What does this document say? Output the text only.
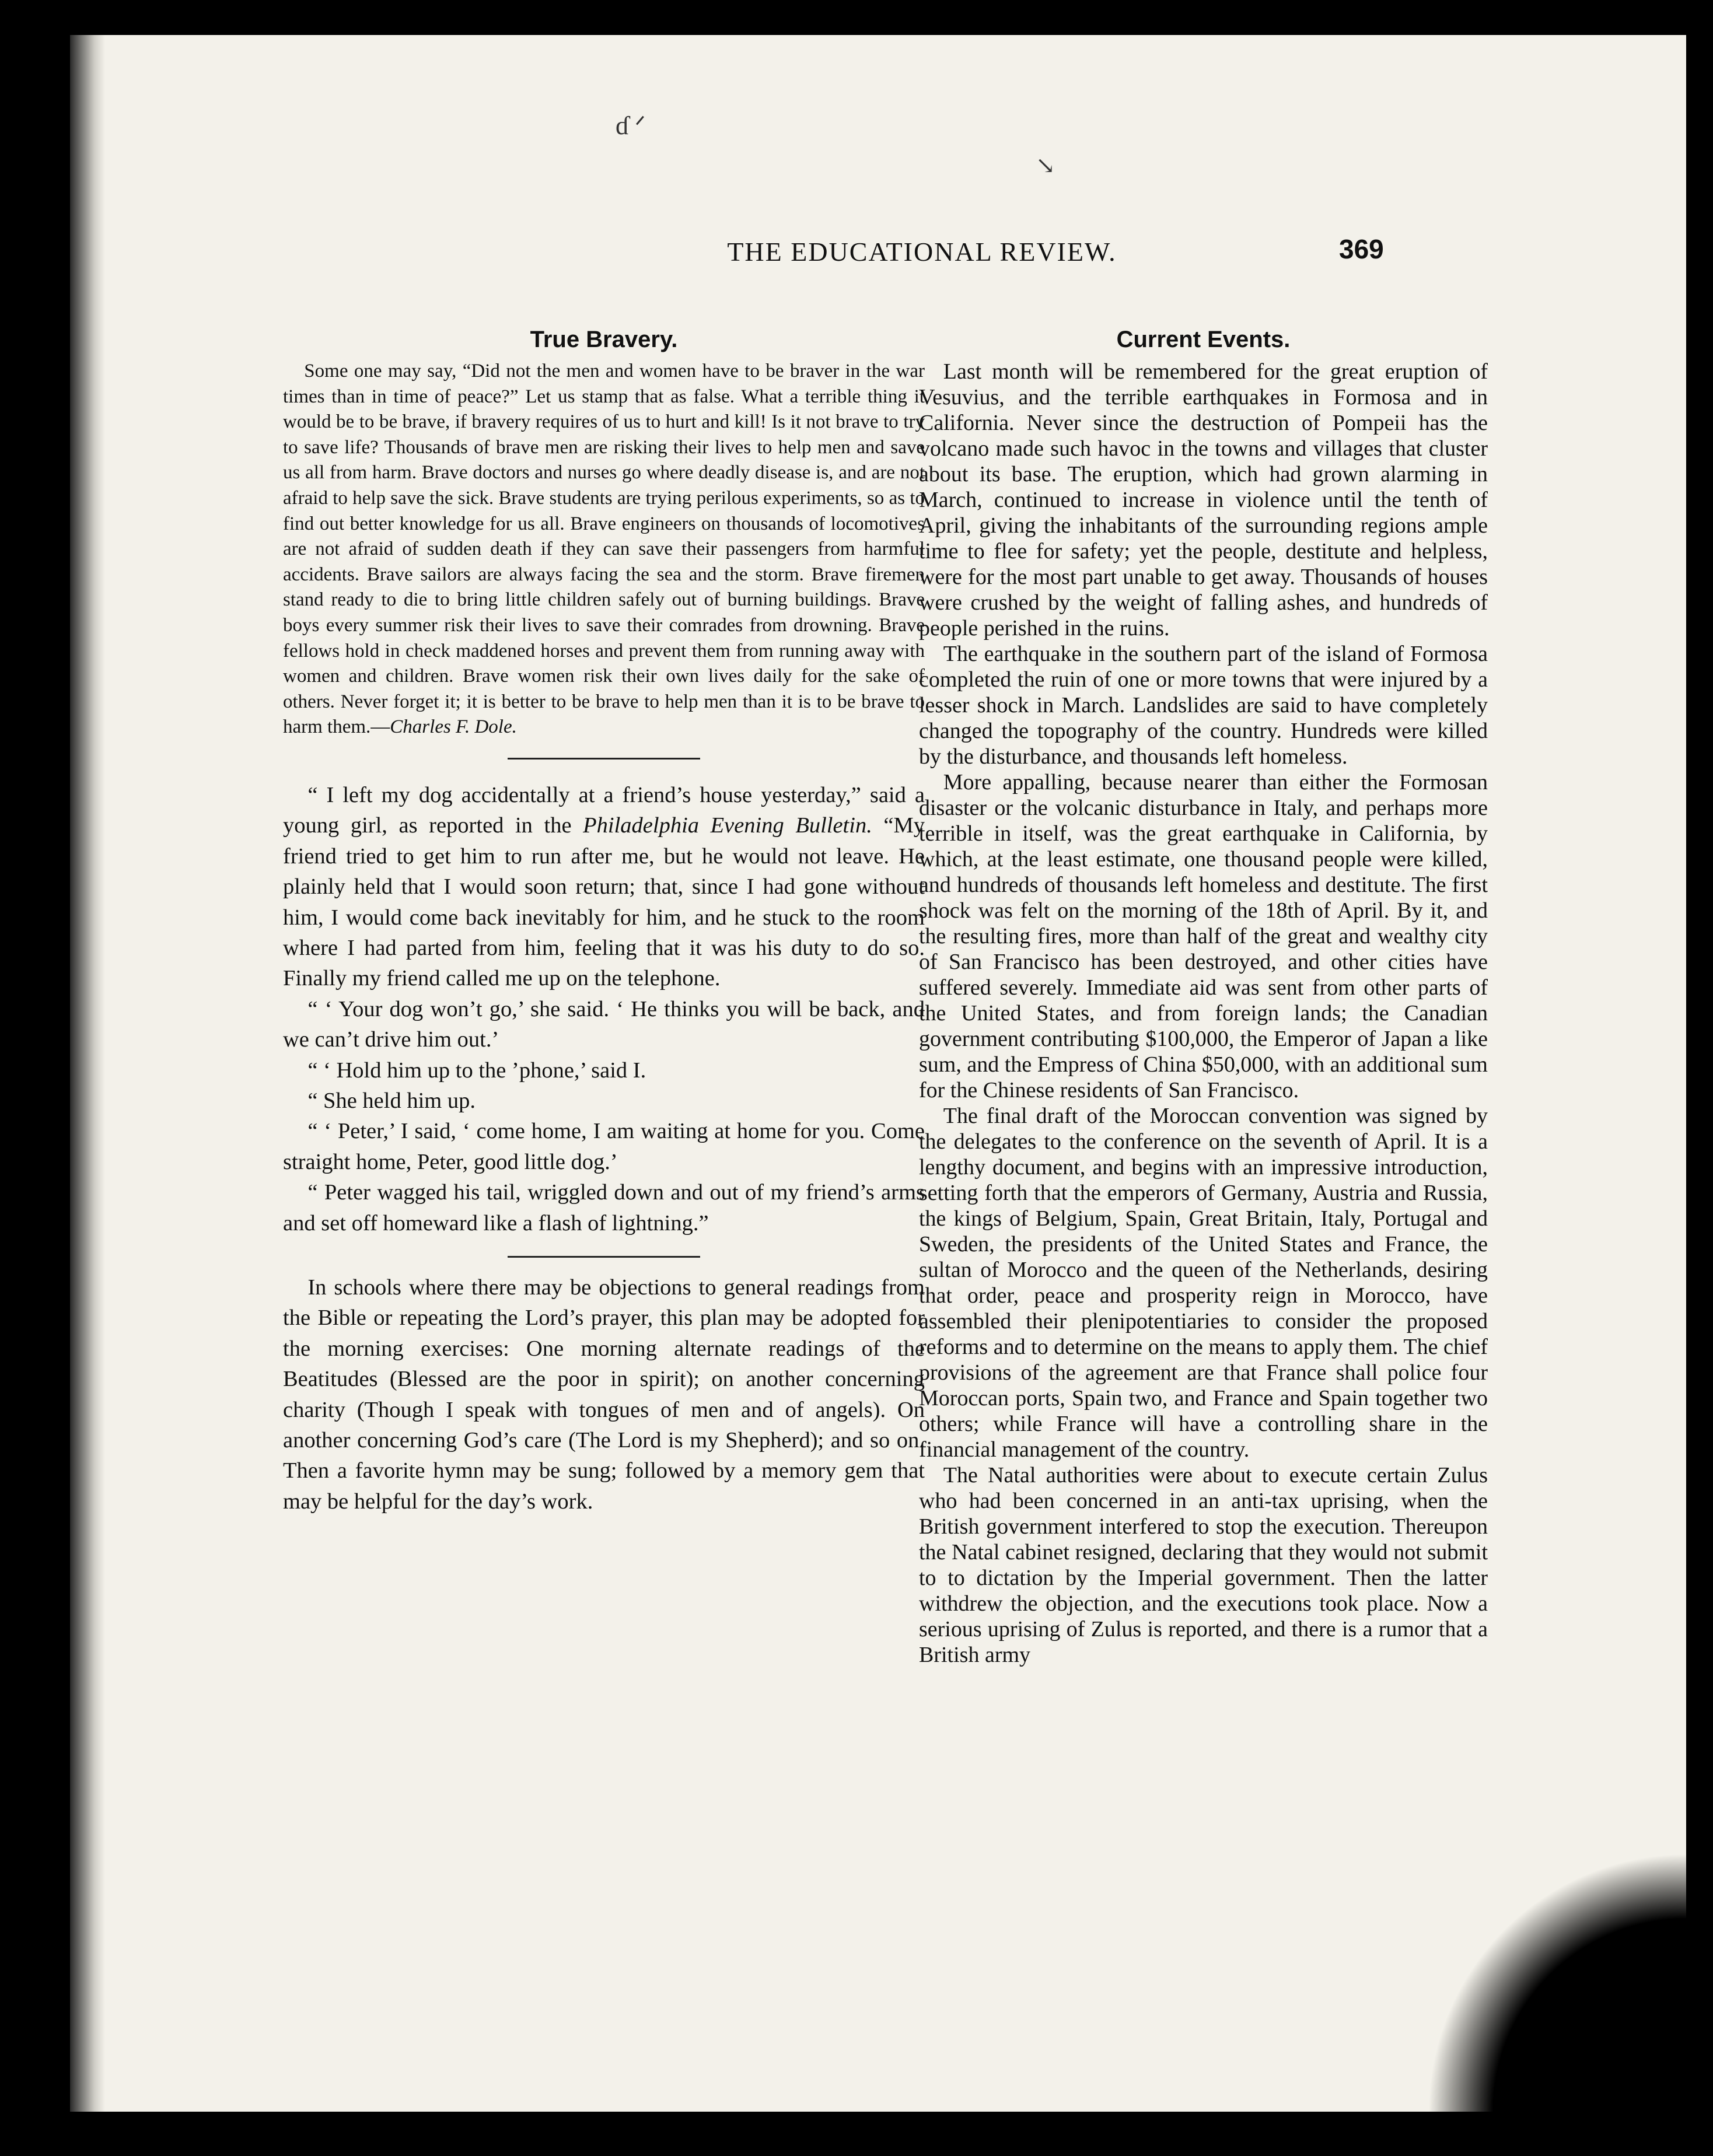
ɗ ᐟ
↘
THE EDUCATIONAL REVIEW.	369
True Bravery.

Some one may say, “Did not the men and women have to be braver in the war times than in time of peace?” Let us stamp that as false. What a terrible thing it would be to be brave, if bravery requires of us to hurt and kill! Is it not brave to try to save life? Thousands of brave men are risking their lives to help men and save us all from harm. Brave doctors and nurses go where deadly disease is, and are not afraid to help save the sick. Brave students are trying perilous experiments, so as to find out better knowledge for us all. Brave engineers on thousands of locomotives are not afraid of sudden death if they can save their passengers from harmful accidents. Brave sailors are always facing the sea and the storm. Brave firemen stand ready to die to bring little children safely out of burning buildings. Brave boys every summer risk their lives to save their comrades from drowning. Brave fellows hold in check maddened horses and prevent them from running away with women and children. Brave women risk their own lives daily for the sake of others. Never forget it; it is better to be brave to help men than it is to be brave to harm them.—Charles F. Dole.

“ I left my dog accidentally at a friend’s house yesterday,” said a young girl, as reported in the Philadelphia Evening Bulletin. “My friend tried to get him to run after me, but he would not leave. He plainly held that I would soon return; that, since I had gone without him, I would come back inevitably for him, and he stuck to the room where I had parted from him, feeling that it was his duty to do so. Finally my friend called me up on the telephone.

“ ‘ Your dog won’t go,’ she said. ‘ He thinks you will be back, and we can’t drive him out.’

“ ‘ Hold him up to the ’phone,’ said I.

“ She held him up.

“ ‘ Peter,’ I said, ‘ come home, I am waiting at home for you. Come straight home, Peter, good little dog.’

“ Peter wagged his tail, wriggled down and out of my friend’s arms and set off homeward like a flash of lightning.”

In schools where there may be objections to general readings from the Bible or repeating the Lord’s prayer, this plan may be adopted for the morning exercises: One morning alternate readings of the Beatitudes (Blessed are the poor in spirit); on another concerning charity (Though I speak with tongues of men and of angels). On another concerning God’s care (The Lord is my Shepherd); and so on. Then a favorite hymn may be sung; followed by a memory gem that may be helpful for the day’s work.

Current Events.

Last month will be remembered for the great eruption of Vesuvius, and the terrible earthquakes in Formosa and in California. Never since the destruction of Pompeii has the volcano made such havoc in the towns and villages that cluster about its base. The eruption, which had grown alarming in March, continued to increase in violence until the tenth of April, giving the inhabitants of the surrounding regions ample time to flee for safety; yet the people, destitute and helpless, were for the most part unable to get away. Thousands of houses were crushed by the weight of falling ashes, and hundreds of people perished in the ruins.

The earthquake in the southern part of the island of Formosa completed the ruin of one or more towns that were injured by a lesser shock in March. Landslides are said to have completely changed the topography of the country. Hundreds were killed by the disturbance, and thousands left homeless.

More appalling, because nearer than either the Formosan disaster or the volcanic disturbance in Italy, and perhaps more terrible in itself, was the great earthquake in California, by which, at the least estimate, one thousand people were killed, and hundreds of thousands left homeless and destitute. The first shock was felt on the morning of the 18th of April. By it, and the resulting fires, more than half of the great and wealthy city of San Francisco has been destroyed, and other cities have suffered severely. Immediate aid was sent from other parts of the United States, and from foreign lands; the Canadian government contributing $100,000, the Emperor of Japan a like sum, and the Empress of China $50,000, with an additional sum for the Chinese residents of San Francisco.

The final draft of the Moroccan convention was signed by the delegates to the conference on the seventh of April. It is a lengthy document, and begins with an impressive introduction, setting forth that the emperors of Germany, Austria and Russia, the kings of Belgium, Spain, Great Britain, Italy, Portugal and Sweden, the presidents of the United States and France, the sultan of Morocco and the queen of the Netherlands, desiring that order, peace and prosperity reign in Morocco, have assembled their plenipotentiaries to consider the proposed reforms and to determine on the means to apply them. The chief provisions of the agreement are that France shall police four Moroccan ports, Spain two, and France and Spain together two others; while France will have a controlling share in the financial management of the country.

The Natal authorities were about to execute certain Zulus who had been concerned in an anti-tax uprising, when the British government interfered to stop the execution. Thereupon the Natal cabinet resigned, declaring that they would not submit to to dictation by the Imperial government. Then the latter withdrew the objection, and the executions took place. Now a serious uprising of Zulus is reported, and there is a rumor that a British army
